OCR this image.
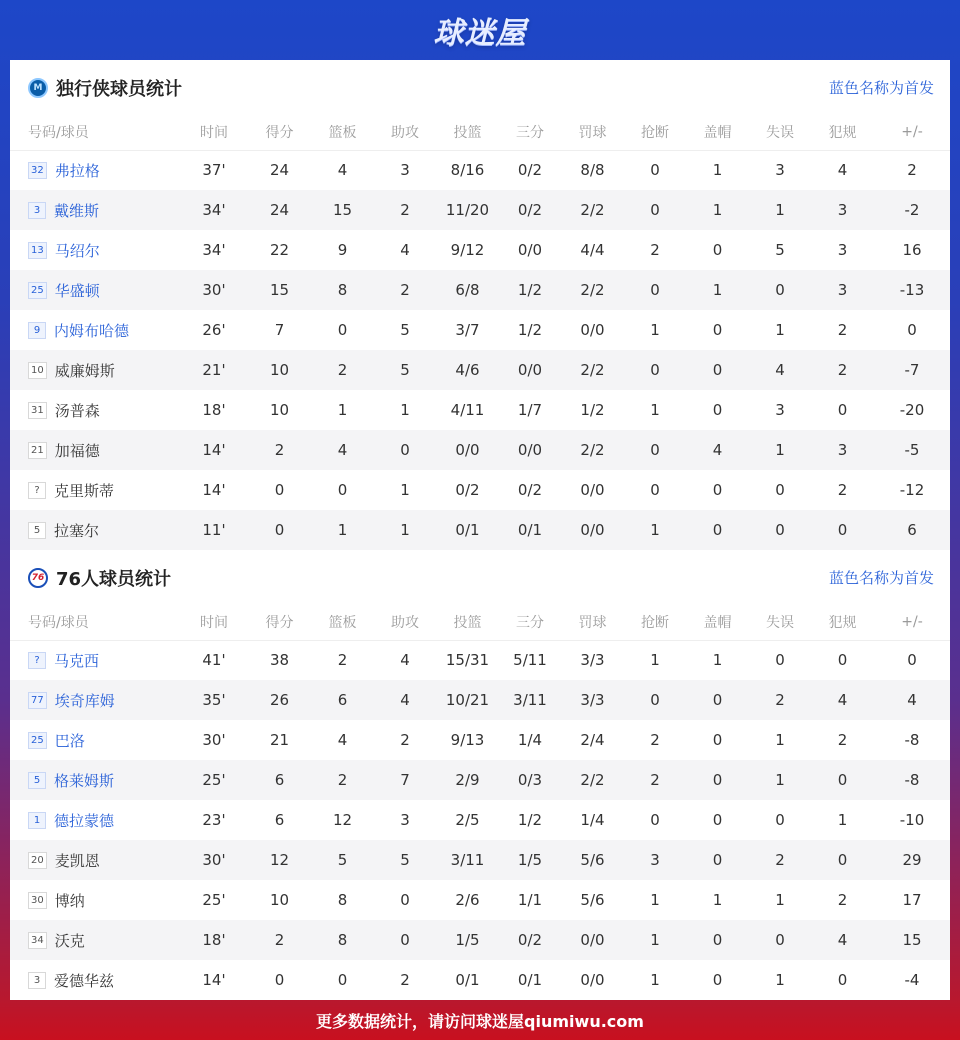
球迷屋
M 独行侠球员统计	蓝色名称为首发
号码/球员	时间	得分	篮板	助攻	投篮	三分	罚球	抢断	盖帽	失误	犯规	+/-
32 弗拉格	37'	24	4	3	8/16	0/2	8/8	0	1	3	4	2
3 戴维斯	34'	24	15	2	11/20	0/2	2/2	0	1	1	3	-2
13 马绍尔	34'	22	9	4	9/12	0/0	4/4	2	0	5	3	16
25 华盛顿	30'	15	8	2	6/8	1/2	2/2	0	1	0	3	-13
9 内姆布哈德	26'	7	0	5	3/7	1/2	0/0	1	0	1	2	0
10 威廉姆斯	21'	10	2	5	4/6	0/0	2/2	0	0	4	2	-7
31 汤普森	18'	10	1	1	4/11	1/7	1/2	1	0	3	0	-20
21 加福德	14'	2	4	0	0/0	0/0	2/2	0	4	1	3	-5
? 克里斯蒂	14'	0	0	1	0/2	0/2	0/0	0	0	0	2	-12
5 拉塞尔	11'	0	1	1	0/1	0/1	0/0	1	0	0	0	6
76 76人球员统计	蓝色名称为首发
号码/球员	时间	得分	篮板	助攻	投篮	三分	罚球	抢断	盖帽	失误	犯规	+/-
? 马克西	41'	38	2	4	15/31	5/11	3/3	1	1	0	0	0
77 埃奇库姆	35'	26	6	4	10/21	3/11	3/3	0	0	2	4	4
25 巴洛	30'	21	4	2	9/13	1/4	2/4	2	0	1	2	-8
5 格莱姆斯	25'	6	2	7	2/9	0/3	2/2	2	0	1	0	-8
1 德拉蒙德	23'	6	12	3	2/5	1/2	1/4	0	0	0	1	-10
20 麦凯恩	30'	12	5	5	3/11	1/5	5/6	3	0	2	0	29
30 博纳	25'	10	8	0	2/6	1/1	5/6	1	1	1	2	17
34 沃克	18'	2	8	0	1/5	0/2	0/0	1	0	0	4	15
3 爱德华兹	14'	0	0	2	0/1	0/1	0/0	1	0	1	0	-4
更多数据统计，请访问球迷屋qiumiwu.com
